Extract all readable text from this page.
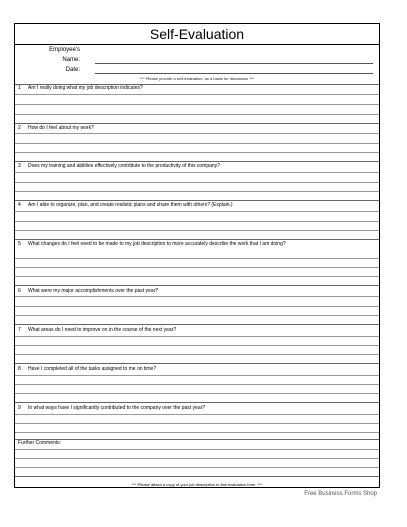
Self-Evaluation
Employee's
Name:
Date:
*** Please provide a self-evaluation, as a basis for discussion ***
1 Am I really doing what my job description indicates?
2 How do I feel about my work?
3 Does my training and abilities effectively contribute to the productivity of this company?
4 Am I able to organize, plan, and create realistic plans and share them with others? (Explain.)
5 What changes do I feel need to be made to my job description to more accurately describe the work that I am doing?
6 What were my major accomplishments over the past year?
7 What areas do I need to improve on in the course of the next year?
8 Have I completed all of the tasks assigned to me on time?
9 In what ways have I significantly contributed to the company over the past year?
Further Comments:
*** Please attach a copy of your job description to this evaluation form. ***
Free Business Forms Shop
